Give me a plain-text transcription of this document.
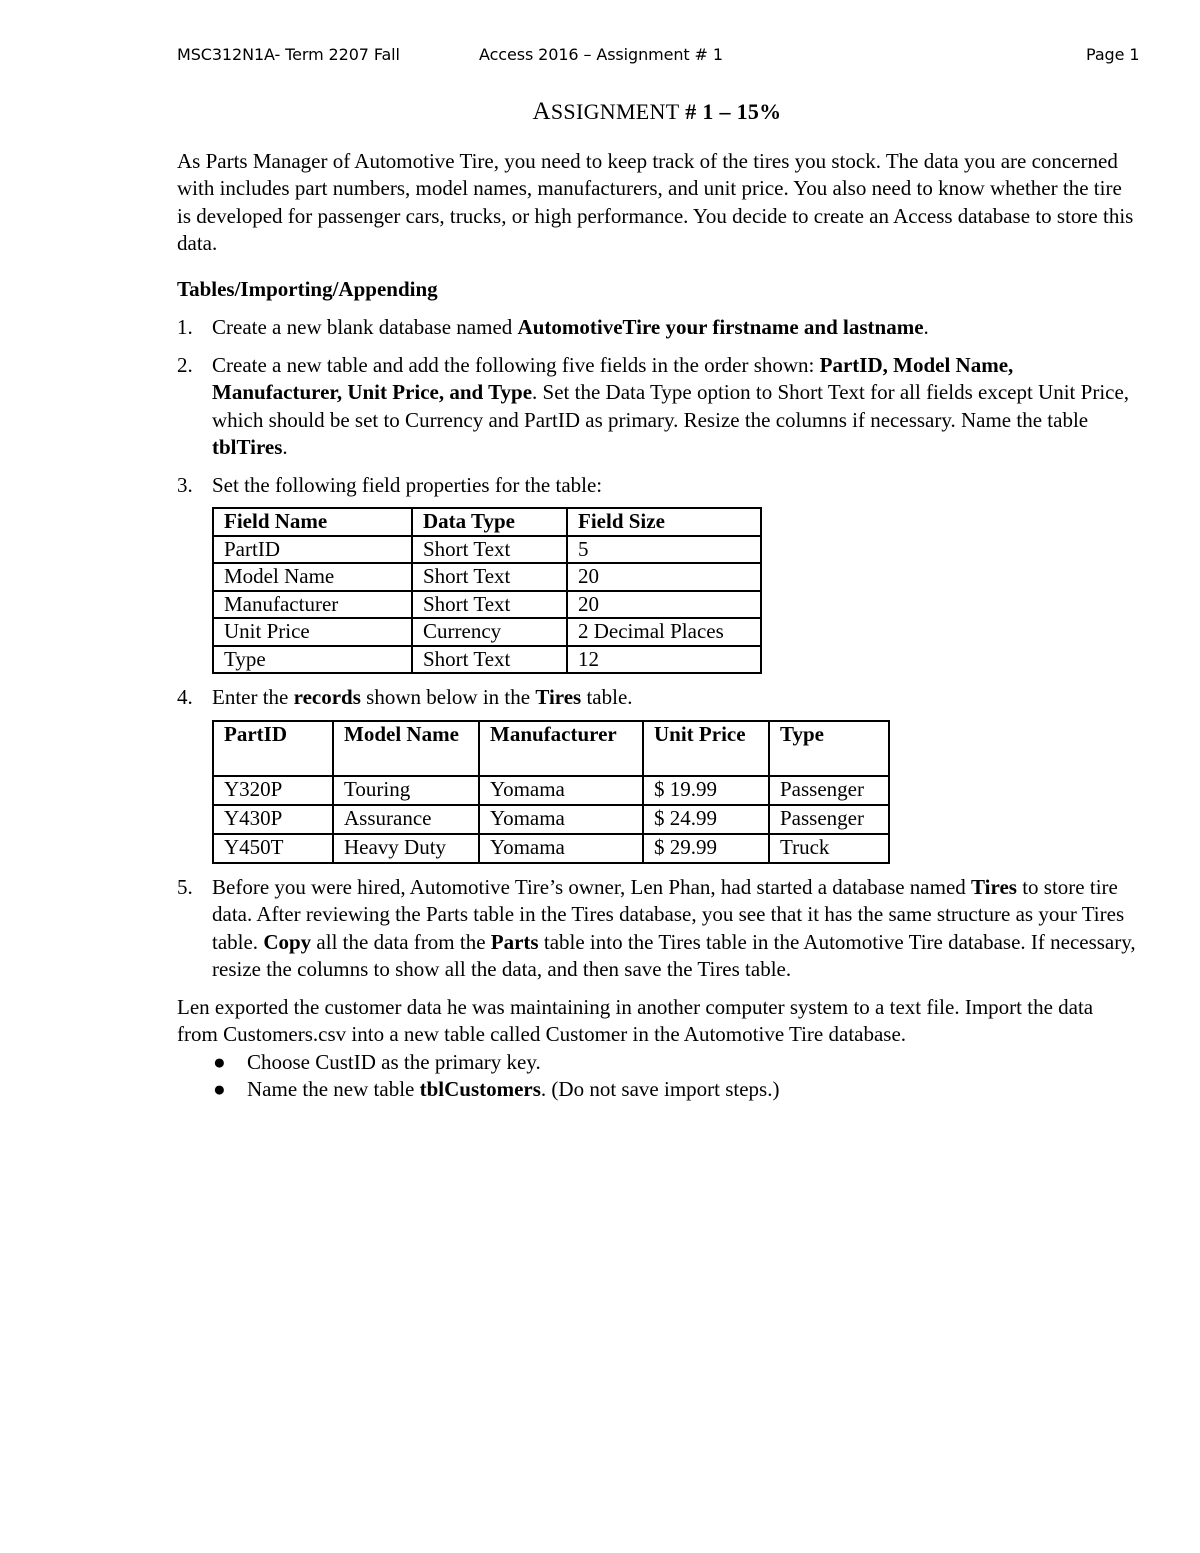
MSC312N1A- Term 2207 Fall	Access 2016 – Assignment # 1	Page 1
ASSIGNMENT # 1 – 15%

As Parts Manager of Automotive Tire, you need to keep track of the tires you stock. The data you are concerned with includes part numbers, model names, manufacturers, and unit price. You also need to know whether the tire is developed for passenger cars, trucks, or high performance. You decide to create an Access database to store this data.

Tables/Importing/Appending
1. Create a new blank database named AutomotiveTire your firstname and lastname.
2. Create a new table and add the following five fields in the order shown: PartID, Model Name, Manufacturer, Unit Price, and Type. Set the Data Type option to Short Text for all fields except Unit Price, which should be set to Currency and PartID as primary. Resize the columns if necessary. Name the table tblTires.
3. Set the following field properties for the table:
Field Name	Data Type	Field Size
PartID	Short Text	5
Model Name	Short Text	20
Manufacturer	Short Text	20
Unit Price	Currency	2 Decimal Places
Type	Short Text	12
4. Enter the records shown below in the Tires table.
PartID	Model Name	Manufacturer	Unit Price	Type
Y320P	Touring	Yomama	$ 19.99	Passenger
Y430P	Assurance	Yomama	$ 24.99	Passenger
Y450T	Heavy Duty	Yomama	$ 29.99	Truck
5. Before you were hired, Automotive Tire’s owner, Len Phan, had started a database named Tires to store tire data. After reviewing the Parts table in the Tires database, you see that it has the same structure as your Tires table. Copy all the data from the Parts table into the Tires table in the Automotive Tire database. If necessary, resize the columns to show all the data, and then save the Tires table.

Len exported the customer data he was maintaining in another computer system to a text file. Import the data from Customers.csv into a new table called Customer in the Automotive Tire database.

● Choose CustID as the primary key.
● Name the new table tblCustomers. (Do not save import steps.)
